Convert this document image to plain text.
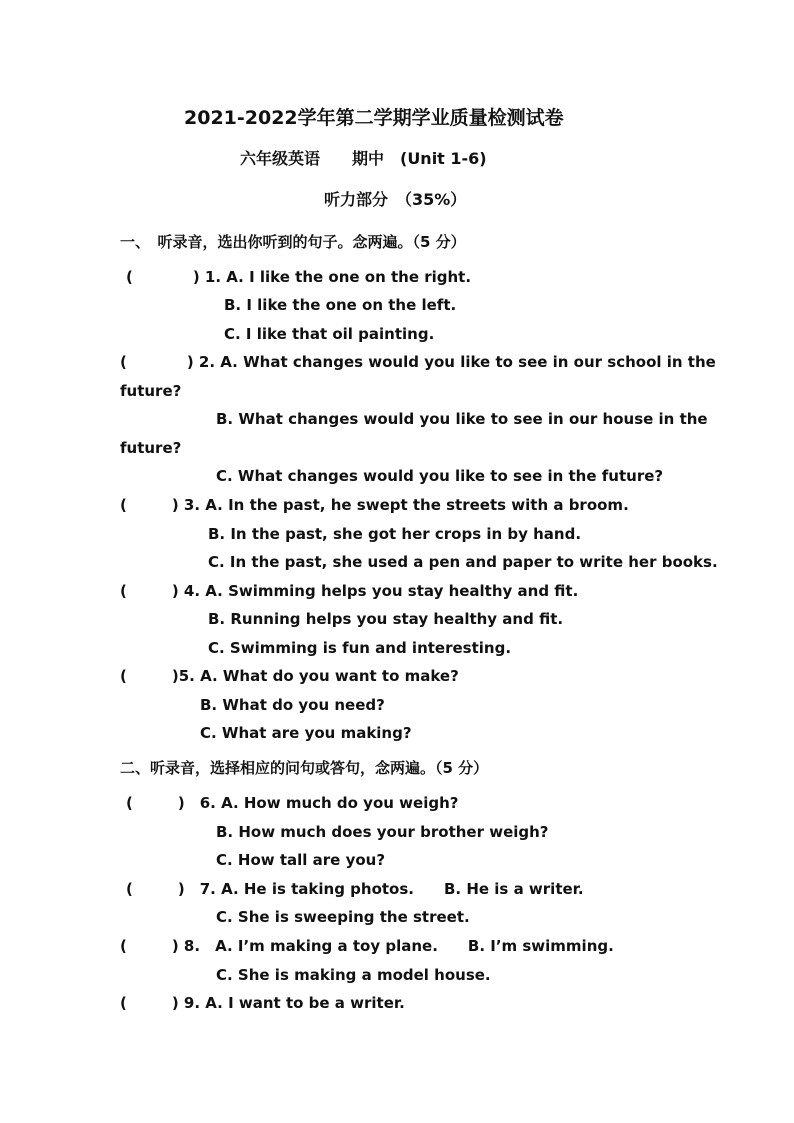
2021-2022学年第二学期学业质量检测试卷
六年级英语　　期中　(Unit 1-6)
听力部分　（35%）
一、　听录音，选出你听到的句子。念两遍。（5 分）
(　　　　) 1. A. I like the one on the right.
B. I like the one on the left.
C. I like that oil painting.
(　　　　) 2. A. What changes would you like to see in our school in the
future?
B. What changes would you like to see in our house in the
future?
C. What changes would you like to see in the future?
(　　　) 3. A. In the past, he swept the streets with a broom.
B. In the past, she got her crops in by hand.
C. In the past, she used a pen and paper to write her books.
(　　　) 4. A. Swimming helps you stay healthy and fit.
B. Running helps you stay healthy and fit.
C. Swimming is fun and interesting.
(　　　)5. A. What do you want to make?
B. What do you need?
C. What are you making?
二、听录音，选择相应的问句或答句，念两遍。（5 分）
(　　　)　6. A. How much do you weigh?
B. How much does your brother weigh?
C. How tall are you?
(　　　)　7. A. He is taking photos.　　B. He is a writer.
C. She is sweeping the street.
(　　　) 8.　A. I’m making a toy plane.　　B. I’m swimming.
C. She is making a model house.
(　　　) 9. A. I want to be a writer.
